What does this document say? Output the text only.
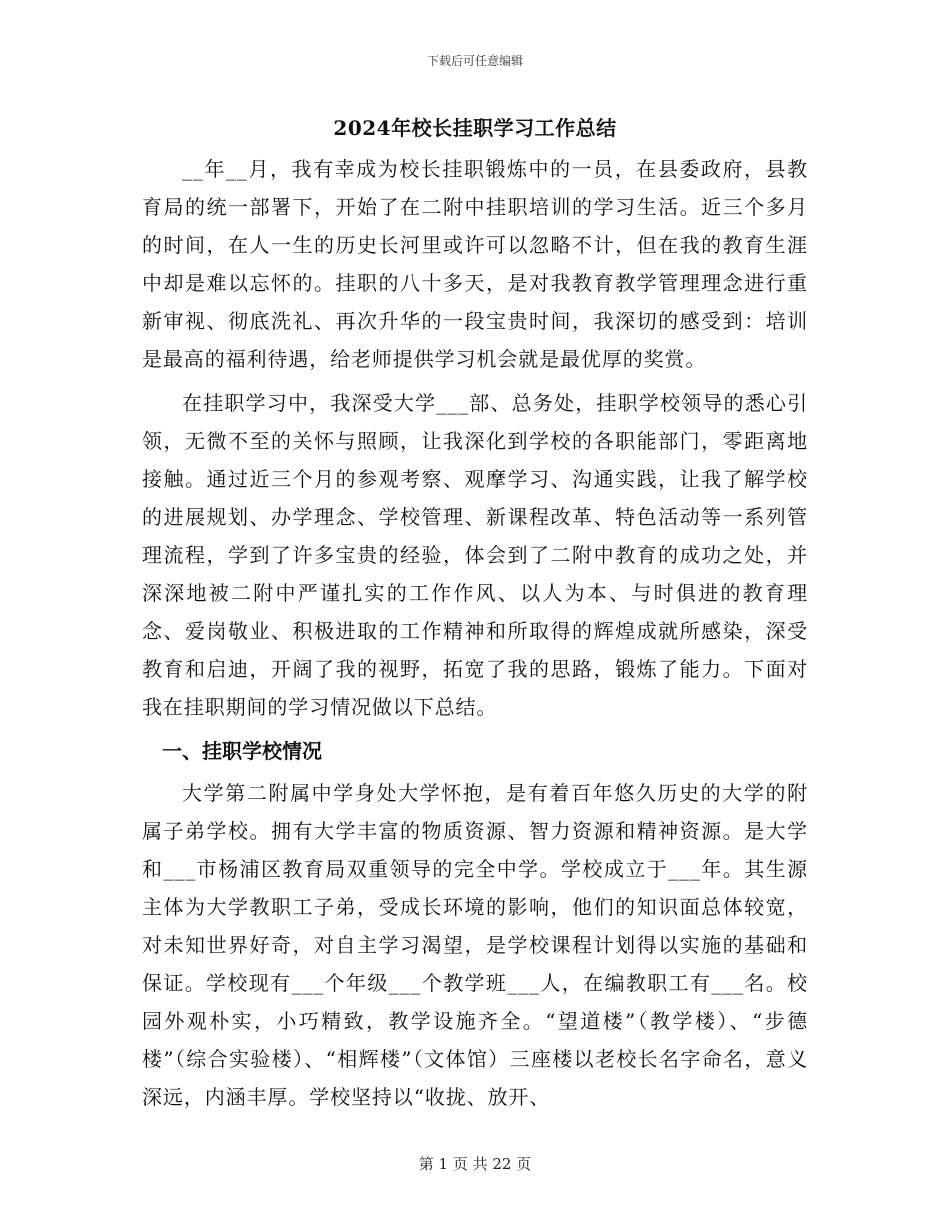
下载后可任意编辑
2024年校长挂职学习工作总结

__年__月，我有幸成为校长挂职锻炼中的一员，在县委政府，县教育局的统一部署下，开始了在二附中挂职培训的学习生活。近三个多月的时间，在人一生的历史长河里或许可以忽略不计，但在我的教育生涯中却是难以忘怀的。挂职的八十多天，是对我教育教学管理理念进行重新审视、彻底洗礼、再次升华的一段宝贵时间，我深切的感受到：培训是最高的福利待遇，给老师提供学习机会就是最优厚的奖赏。

在挂职学习中，我深受大学___部、总务处，挂职学校领导的悉心引领，无微不至的关怀与照顾，让我深化到学校的各职能部门，零距离地接触。通过近三个月的参观考察、观摩学习、沟通实践，让我了解学校的进展规划、办学理念、学校管理、新课程改革、特色活动等一系列管理流程，学到了许多宝贵的经验，体会到了二附中教育的成功之处，并深深地被二附中严谨扎实的工作作风、以人为本、与时俱进的教育理念、爱岗敬业、积极进取的工作精神和所取得的辉煌成就所感染，深受教育和启迪，开阔了我的视野，拓宽了我的思路，锻炼了能力。下面对我在挂职期间的学习情况做以下总结。

一、挂职学校情况

大学第二附属中学身处大学怀抱，是有着百年悠久历史的大学的附属子弟学校。拥有大学丰富的物质资源、智力资源和精神资源。是大学和___市杨浦区教育局双重领导的完全中学。学校成立于___年。其生源主体为大学教职工子弟，受成长环境的影响，他们的知识面总体较宽，对未知世界好奇，对自主学习渴望，是学校课程计划得以实施的基础和保证。学校现有___个年级___个教学班___人，在编教职工有___名。校园外观朴实，小巧精致，教学设施齐全。“望道楼”（教学楼）、“步德楼”（综合实验楼）、“相辉楼”（文体馆）三座楼以老校长名字命名，意义深远，内涵丰厚。学校坚持以“收拢、放开、

第 1 页 共 22 页
